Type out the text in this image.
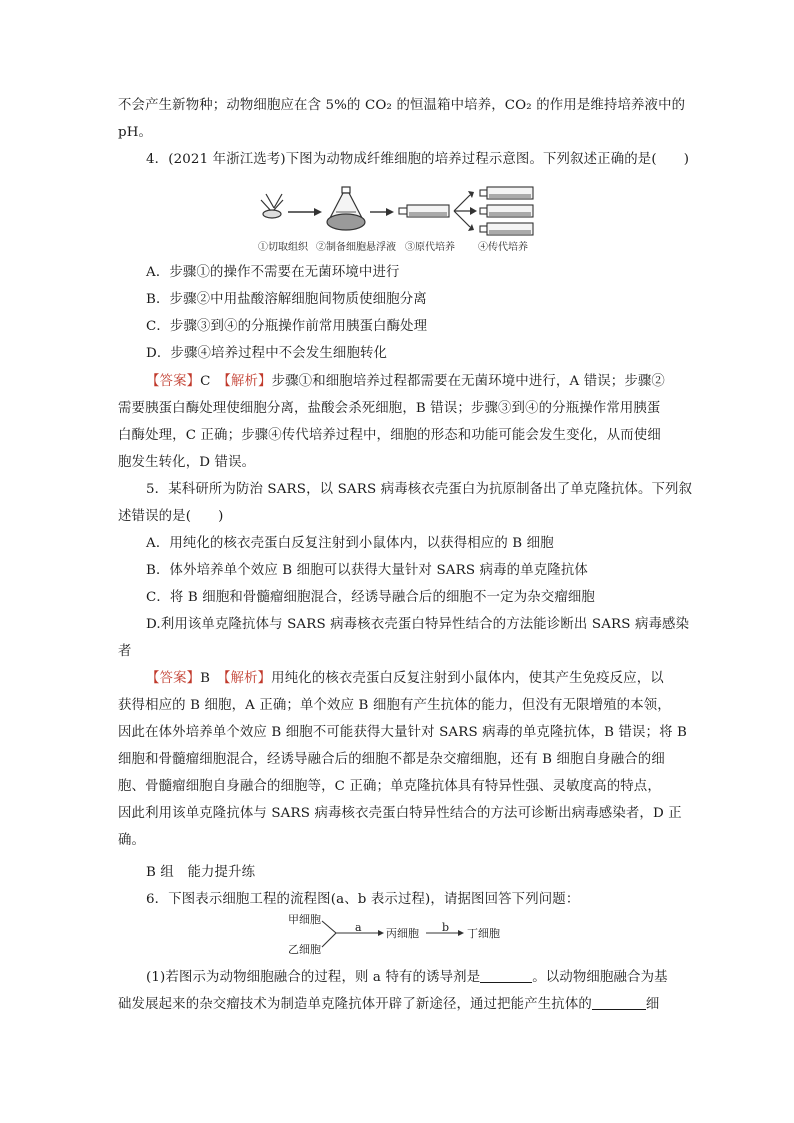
不会产生新物种；动物细胞应在含 5%的 CO₂ 的恒温箱中培养，CO₂ 的作用是维持培养液中的
pH。
4．(2021 年浙江选考)下图为动物成纤维细胞的培养过程示意图。下列叙述正确的是(　　)
①切取组织 ②制备细胞悬浮液 ③原代培养 ④传代培养
A．步骤①的操作不需要在无菌环境中进行
B．步骤②中用盐酸溶解细胞间物质使细胞分离
C．步骤③到④的分瓶操作前常用胰蛋白酶处理
D．步骤④培养过程中不会发生细胞转化
【答案】C　【解析】步骤①和细胞培养过程都需要在无菌环境中进行，A 错误；步骤②
需要胰蛋白酶处理使细胞分离，盐酸会杀死细胞，B 错误；步骤③到④的分瓶操作常用胰蛋
白酶处理，C 正确；步骤④传代培养过程中，细胞的形态和功能可能会发生变化，从而使细
胞发生转化，D 错误。
5．某科研所为防治 SARS，以 SARS 病毒核衣壳蛋白为抗原制备出了单克隆抗体。下列叙
述错误的是(　　)
A．用纯化的核衣壳蛋白反复注射到小鼠体内，以获得相应的 B 细胞
B．体外培养单个效应 B 细胞可以获得大量针对 SARS 病毒的单克隆抗体
C．将 B 细胞和骨髓瘤细胞混合，经诱导融合后的细胞不一定为杂交瘤细胞
D.利用该单克隆抗体与 SARS 病毒核衣壳蛋白特异性结合的方法能诊断出 SARS 病毒感染
者
【答案】B　【解析】用纯化的核衣壳蛋白反复注射到小鼠体内，使其产生免疫反应，以
获得相应的 B 细胞，A 正确；单个效应 B 细胞有产生抗体的能力，但没有无限增殖的本领，
因此在体外培养单个效应 B 细胞不可能获得大量针对 SARS 病毒的单克隆抗体，B 错误；将 B
细胞和骨髓瘤细胞混合，经诱导融合后的细胞不都是杂交瘤细胞，还有 B 细胞自身融合的细
胞、骨髓瘤细胞自身融合的细胞等，C 正确；单克隆抗体具有特异性强、灵敏度高的特点，
因此利用该单克隆抗体与 SARS 病毒核衣壳蛋白特异性结合的方法可诊断出病毒感染者，D 正
确。
B 组　能力提升练
6．下图表示细胞工程的流程图(a、b 表示过程)，请据图回答下列问题：
甲细胞
乙细胞
a 丙细胞 b 丁细胞
(1)若图示为动物细胞融合的过程，则 a 特有的诱导剂是	。以动物细胞融合为基
础发展起来的杂交瘤技术为制造单克隆抗体开辟了新途径，通过把能产生抗体的	细
